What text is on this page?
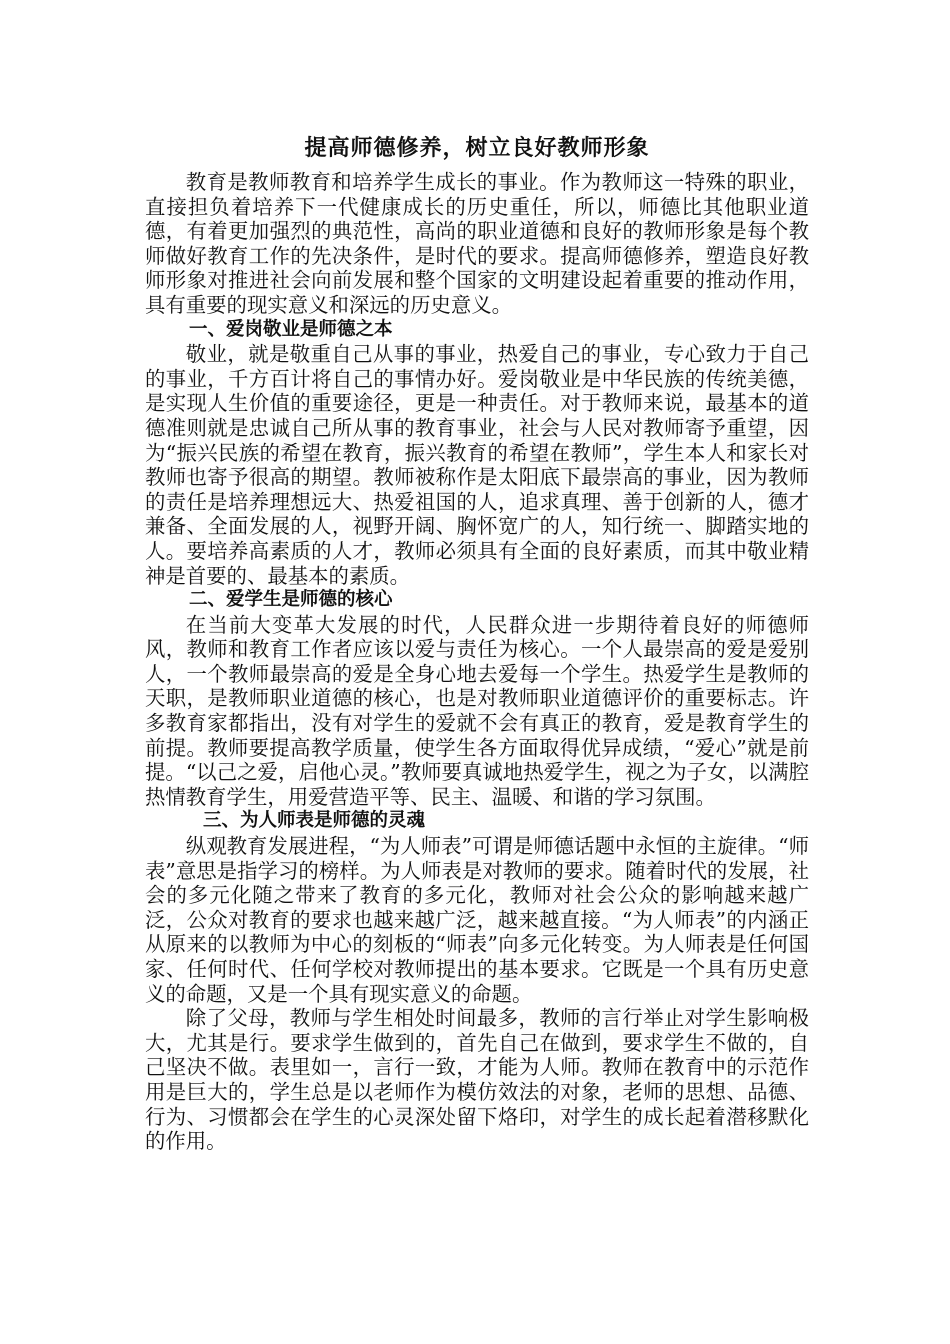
提高师德修养，树立良好教师形象

教育是教师教育和培养学生成长的事业。作为教师这一特殊的职业，直接担负着培养下一代健康成长的历史重任，所以，师德比其他职业道德，有着更加强烈的典范性，高尚的职业道德和良好的教师形象是每个教师做好教育工作的先决条件，是时代的要求。提高师德修养，塑造良好教师形象对推进社会向前发展和整个国家的文明建设起着重要的推动作用，具有重要的现实意义和深远的历史意义。

一、爱岗敬业是师德之本

敬业，就是敬重自己从事的事业，热爱自己的事业，专心致力于自己的事业，千方百计将自己的事情办好。爱岗敬业是中华民族的传统美德，是实现人生价值的重要途径，更是一种责任。对于教师来说，最基本的道德准则就是忠诚自己所从事的教育事业，社会与人民对教师寄予重望，因为“振兴民族的希望在教育，振兴教育的希望在教师”，学生本人和家长对教师也寄予很高的期望。教师被称作是太阳底下最崇高的事业，因为教师的责任是培养理想远大、热爱祖国的人，追求真理、善于创新的人，德才兼备、全面发展的人，视野开阔、胸怀宽广的人，知行统一、脚踏实地的人。要培养高素质的人才，教师必须具有全面的良好素质，而其中敬业精神是首要的、最基本的素质。

二、爱学生是师德的核心

在当前大变革大发展的时代，人民群众进一步期待着良好的师德师风，教师和教育工作者应该以爱与责任为核心。一个人最崇高的爱是爱别人，一个教师最崇高的爱是全身心地去爱每一个学生。热爱学生是教师的天职，是教师职业道德的核心，也是对教师职业道德评价的重要标志。许多教育家都指出，没有对学生的爱就不会有真正的教育，爱是教育学生的前提。教师要提高教学质量，使学生各方面取得优异成绩，“爱心”就是前提。“以己之爱，启他心灵。”教师要真诚地热爱学生，视之为子女，以满腔热情教育学生，用爱营造平等、民主、温暖、和谐的学习氛围。

三、为人师表是师德的灵魂

纵观教育发展进程，“为人师表”可谓是师德话题中永恒的主旋律。“师表”意思是指学习的榜样。为人师表是对教师的要求。随着时代的发展，社会的多元化随之带来了教育的多元化，教师对社会公众的影响越来越广泛，公众对教育的要求也越来越广泛，越来越直接。“为人师表”的内涵正从原来的以教师为中心的刻板的“师表”向多元化转变。为人师表是任何国家、任何时代、任何学校对教师提出的基本要求。它既是一个具有历史意义的命题，又是一个具有现实意义的命题。

除了父母，教师与学生相处时间最多，教师的言行举止对学生影响极大，尤其是行。要求学生做到的，首先自己在做到，要求学生不做的，自己坚决不做。表里如一，言行一致，才能为人师。教师在教育中的示范作用是巨大的，学生总是以老师作为模仿效法的对象，老师的思想、品德、行为、习惯都会在学生的心灵深处留下烙印，对学生的成长起着潜移默化的作用。
